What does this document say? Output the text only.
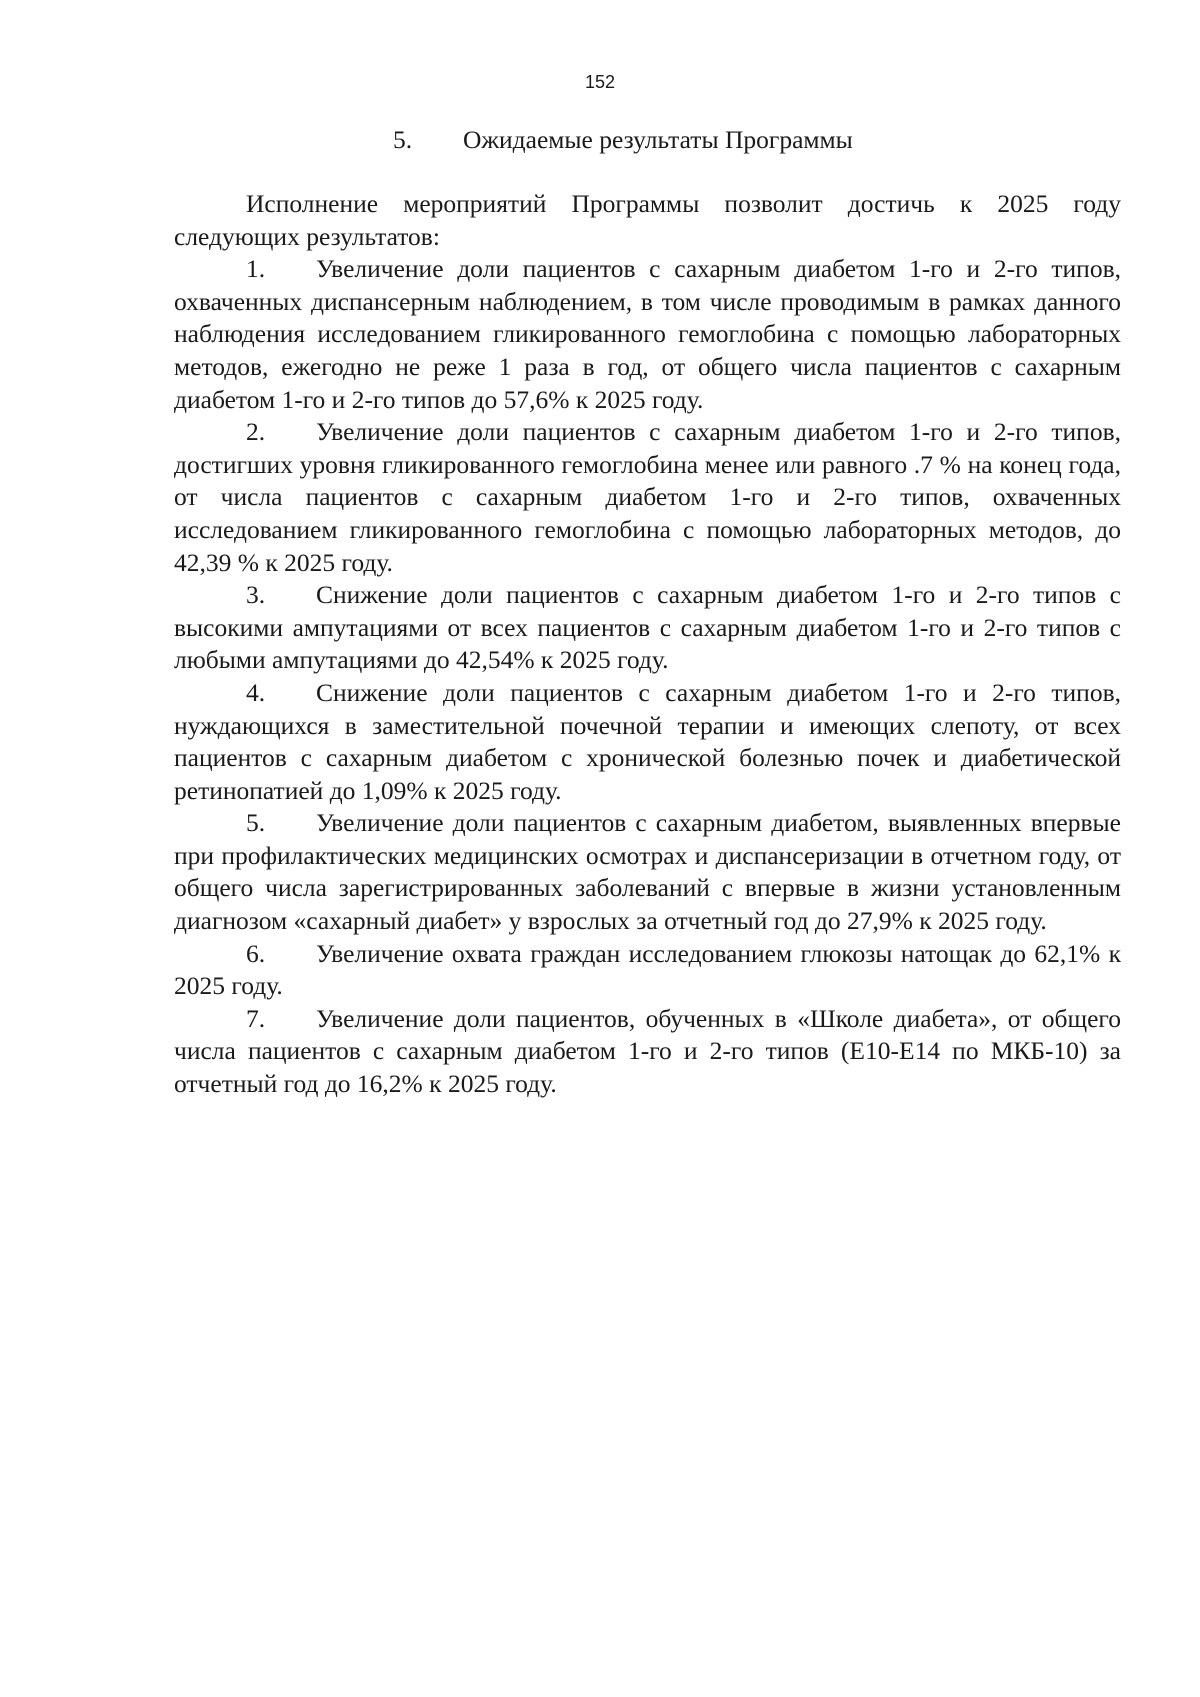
152
5. Ожидаемые результаты Программы

Исполнение мероприятий Программы позволит достичь к 2025 году следующих результатов:

1. Увеличение доли пациентов с сахарным диабетом 1-го и 2-го типов, охваченных диспансерным наблюдением, в том числе проводимым в рамках данного наблюдения исследованием гликированного гемоглобина с помощью лабораторных методов, ежегодно не реже 1 раза в год, от общего числа пациентов с сахарным диабетом 1-го и 2-го типов до 57,6% к 2025 году.

2. Увеличение доли пациентов с сахарным диабетом 1-го и 2-го типов, достигших уровня гликированного гемоглобина менее или равного .7 % на конец года, от числа пациентов с сахарным диабетом 1-го и 2-го типов, охваченных исследованием гликированного гемоглобина с помощью лабораторных методов, до 42,39 % к 2025 году.

3. Снижение доли пациентов с сахарным диабетом 1-го и 2-го типов с высокими ампутациями от всех пациентов с сахарным диабетом 1-го и 2-го типов с любыми ампутациями до 42,54% к 2025 году.

4. Снижение доли пациентов с сахарным диабетом 1-го и 2-го типов, нуждающихся в заместительной почечной терапии и имеющих слепоту, от всех пациентов с сахарным диабетом с хронической болезнью почек и диабетической ретинопатией до 1,09% к 2025 году.

5. Увеличение доли пациентов с сахарным диабетом, выявленных впервые при профилактических медицинских осмотрах и диспансеризации в отчетном году, от общего числа зарегистрированных заболеваний с впервые в жизни установленным диагнозом «сахарный диабет» у взрослых за отчетный год до 27,9% к 2025 году.

6. Увеличение охвата граждан исследованием глюкозы натощак до 62,1% к 2025 году.

7. Увеличение доли пациентов, обученных в «Школе диабета», от общего числа пациентов с сахарным диабетом 1-го и 2-го типов (Е10-Е14 по МКБ-10) за отчетный год до 16,2% к 2025 году.
